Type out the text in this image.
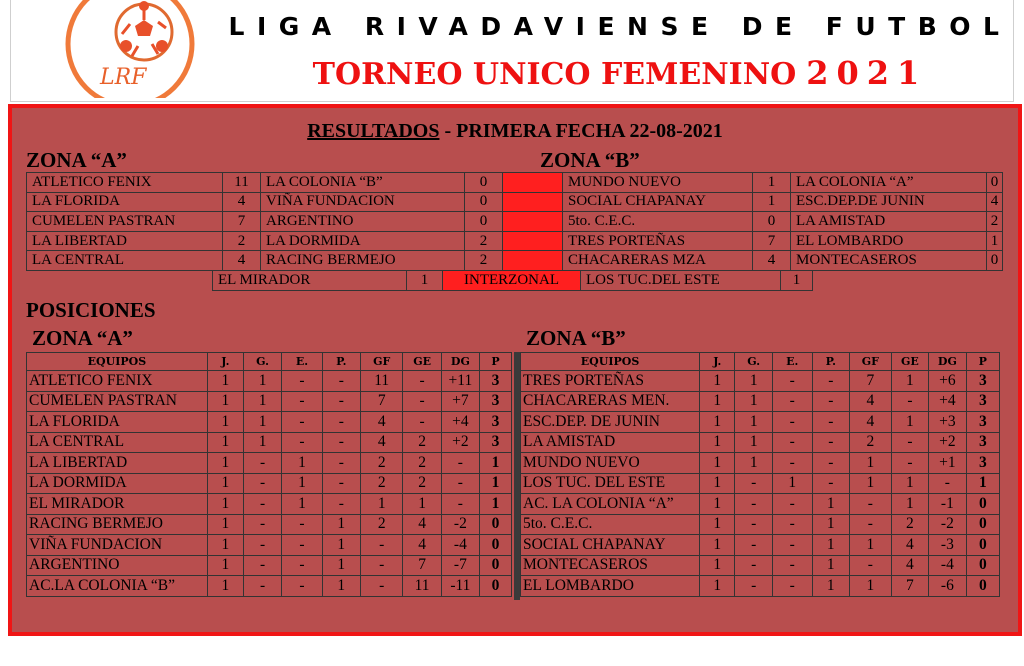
LRF
LIGA RIVADAVIENSE DE FUTBOL
TORNEO UNICO FEMENINO 2021
RESULTADOS - PRIMERA FECHA 22-08-2021
ZONA “A”	ZONA “B”
ATLETICO FENIX	11	LA COLONIA “B”	0		MUNDO NUEVO	1	LA COLONIA “A”	0
LA FLORIDA	4	VIÑA FUNDACION	0		SOCIAL CHAPANAY	1	ESC.DEP.DE JUNIN	4
CUMELEN PASTRAN	7	ARGENTINO	0		5to. C.E.C.	0	LA AMISTAD	2
LA LIBERTAD	2	LA DORMIDA	2		TRES PORTEÑAS	7	EL LOMBARDO	1
LA CENTRAL	4	RACING BERMEJO	2		CHACARERAS MZA	4	MONTECASEROS	0
EL MIRADOR	1	INTERZONAL	LOS TUC.DEL ESTE	1
POSICIONES
ZONA “A”	ZONA “B”
EQUIPOS	J.	G.	E.	P.	GF	GE	DG	P
ATLETICO FENIX	1	1	-	-	11	-	+11	3
CUMELEN PASTRAN	1	1	-	-	7	-	+7	3
LA FLORIDA	1	1	-	-	4	-	+4	3
LA CENTRAL	1	1	-	-	4	2	+2	3
LA LIBERTAD	1	-	1	-	2	2	-	1
LA DORMIDA	1	-	1	-	2	2	-	1
EL MIRADOR	1	-	1	-	1	1	-	1
RACING BERMEJO	1	-	-	1	2	4	-2	0
VIÑA FUNDACION	1	-	-	1	-	4	-4	0
ARGENTINO	1	-	-	1	-	7	-7	0
AC.LA COLONIA “B”	1	-	-	1	-	11	-11	0
EQUIPOS	J.	G.	E.	P.	GF	GE	DG	P
TRES PORTEÑAS	1	1	-	-	7	1	+6	3
CHACARERAS MEN.	1	1	-	-	4	-	+4	3
ESC.DEP. DE JUNIN	1	1	-	-	4	1	+3	3
LA AMISTAD	1	1	-	-	2	-	+2	3
MUNDO NUEVO	1	1	-	-	1	-	+1	3
LOS TUC. DEL ESTE	1	-	1	-	1	1	-	1
AC. LA COLONIA “A”	1	-	-	1	-	1	-1	0
5to. C.E.C.	1	-	-	1	-	2	-2	0
SOCIAL CHAPANAY	1	-	-	1	1	4	-3	0
MONTECASEROS	1	-	-	1	-	4	-4	0
EL LOMBARDO	1	-	-	1	1	7	-6	0
